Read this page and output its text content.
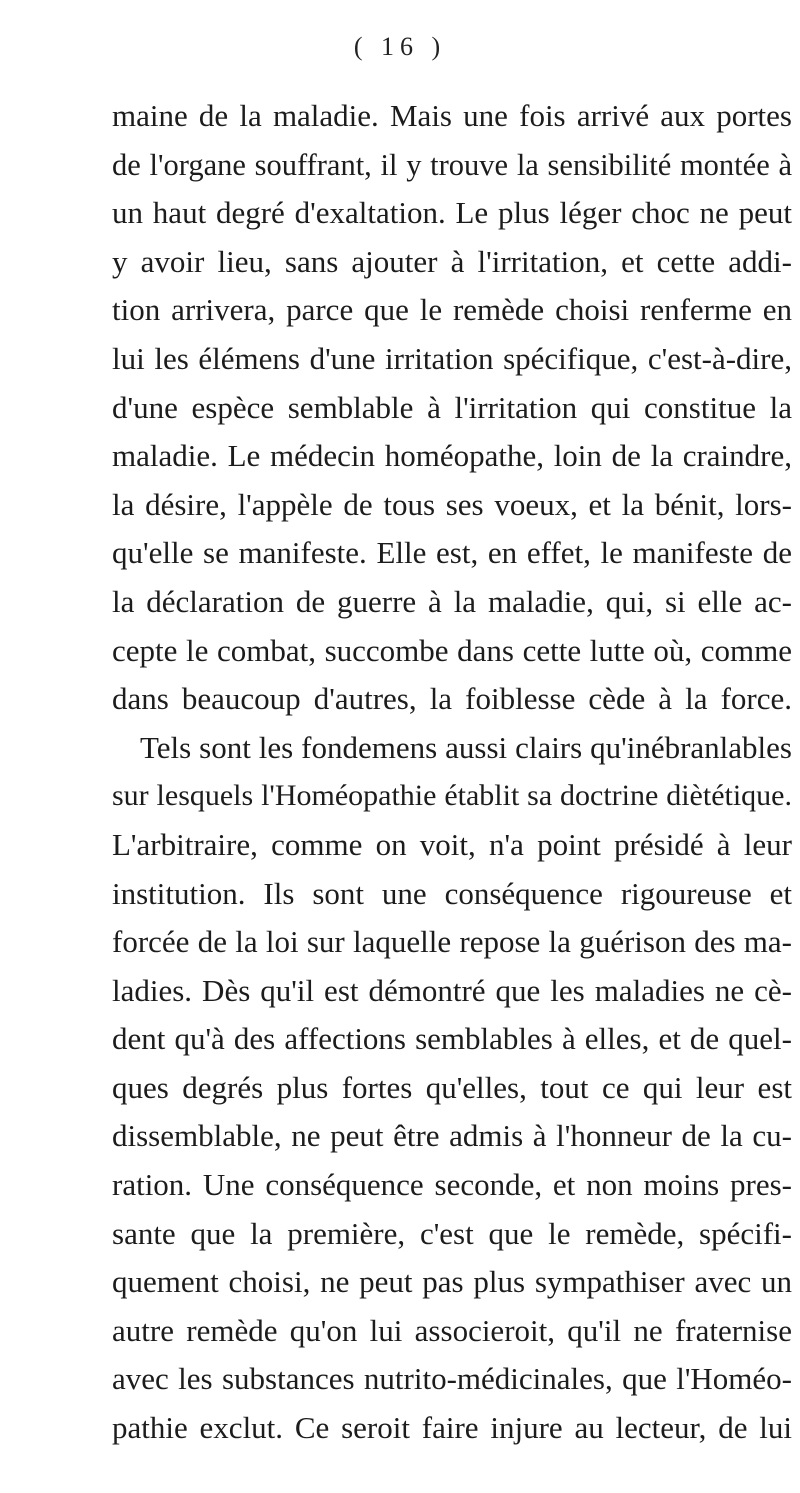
( 16 )
maine de la maladie. Mais une fois arrivé aux portes
de l'organe souffrant, il y trouve la sensibilité montée à
un haut degré d'exaltation. Le plus léger choc ne peut
y avoir lieu, sans ajouter à l'irritation, et cette addi-
tion arrivera, parce que le remède choisi renferme en
lui les élémens d'une irritation spécifique, c'est-à-dire,
d'une espèce semblable à l'irritation qui constitue la
maladie. Le médecin homéopathe, loin de la craindre,
la désire, l'appèle de tous ses voeux, et la bénit, lors-
qu'elle se manifeste. Elle est, en effet, le manifeste de
la déclaration de guerre à la maladie, qui, si elle ac-
cepte le combat, succombe dans cette lutte où, comme
dans beaucoup d'autres, la foiblesse cède à la force.
Tels sont les fondemens aussi clairs qu'inébranlables
sur lesquels l'Homéopathie établit sa doctrine diètétique.
L'arbitraire, comme on voit, n'a point présidé à leur
institution. Ils sont une conséquence rigoureuse et
forcée de la loi sur laquelle repose la guérison des ma-
ladies. Dès qu'il est démontré que les maladies ne cè-
dent qu'à des affections semblables à elles, et de quel-
ques degrés plus fortes qu'elles, tout ce qui leur est
dissemblable, ne peut être admis à l'honneur de la cu-
ration. Une conséquence seconde, et non moins pres-
sante que la première, c'est que le remède, spécifi-
quement choisi, ne peut pas plus sympathiser avec un
autre remède qu'on lui associeroit, qu'il ne fraternise
avec les substances nutrito-médicinales, que l'Homéo-
pathie exclut. Ce seroit faire injure au lecteur, de lui
